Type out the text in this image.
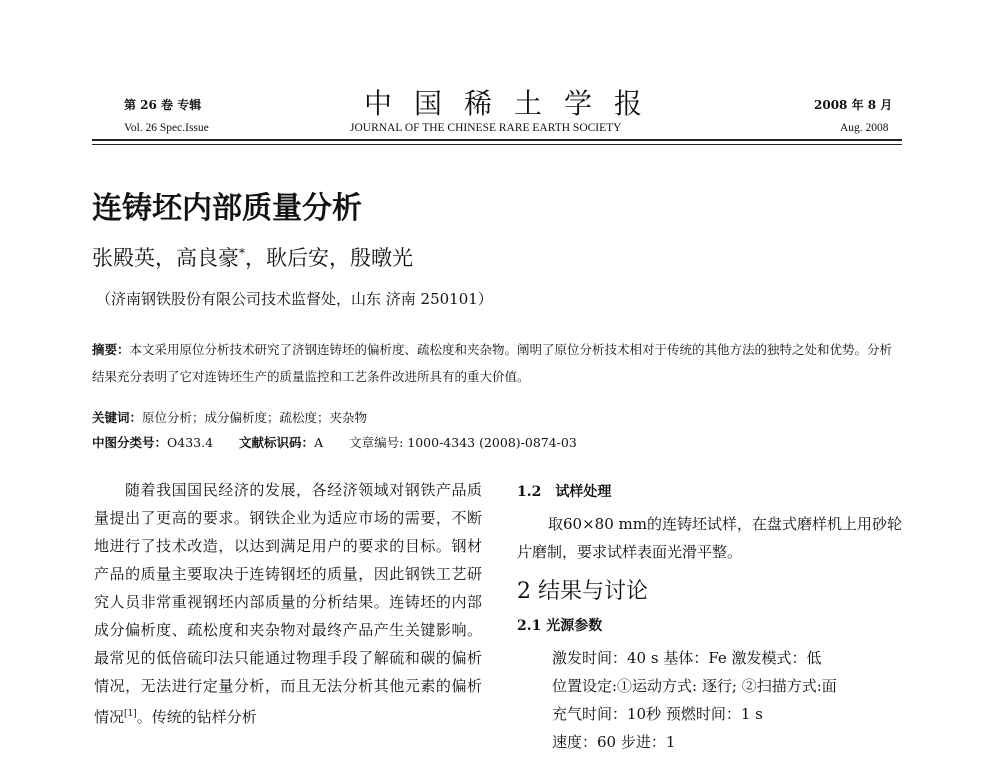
第 26 卷 专辑	中国稀土学报	2008 年 8 月
Vol. 26 Spec.Issue	JOURNAL OF THE CHINESE RARE EARTH SOCIETY	Aug. 2008
连铸坯内部质量分析
张殿英，高良豪*，耿后安，殷暾光
（济南钢铁股份有限公司技术监督处，山东 济南 250101）
摘要：本文采用原位分析技术研究了济钢连铸坯的偏析度、疏松度和夹杂物。阐明了原位分析技术相对于传统的其他方法的独特之处和优势。分析结果充分表明了它对连铸坯生产的质量监控和工艺条件改进所具有的重大价值。
关键词：原位分析；成分偏析度；疏松度；夹杂物
中图分类号：O433.4 文献标识码：A 文章编号: 1000-4343 (2008)-0874-03

随着我国国民经济的发展，各经济领域对钢铁产品质量提出了更高的要求。钢铁企业为适应市场的需要，不断地进行了技术改造，以达到满足用户的要求的目标。钢材产品的质量主要取决于连铸钢坯的质量，因此钢铁工艺研究人员非常重视钢坯内部质量的分析结果。连铸坯的内部成分偏析度、疏松度和夹杂物对最终产品产生关键影响。最常见的低倍硫印法只能通过物理手段了解硫和碳的偏析情况，无法进行定量分析，而且无法分析其他元素的偏析情况[1]。传统的钻样分析

1.2 试样处理

取60×80 mm的连铸坯试样，在盘式磨样机上用砂轮片磨制，要求试样表面光滑平整。

2 结果与讨论
2.1 光源参数

激发时间：40 s 基体：Fe 激发模式：低

位置设定:①运动方式: 逐行; ②扫描方式:面

充气时间：10秒 预燃时间：1 s

速度：60 步进：1
